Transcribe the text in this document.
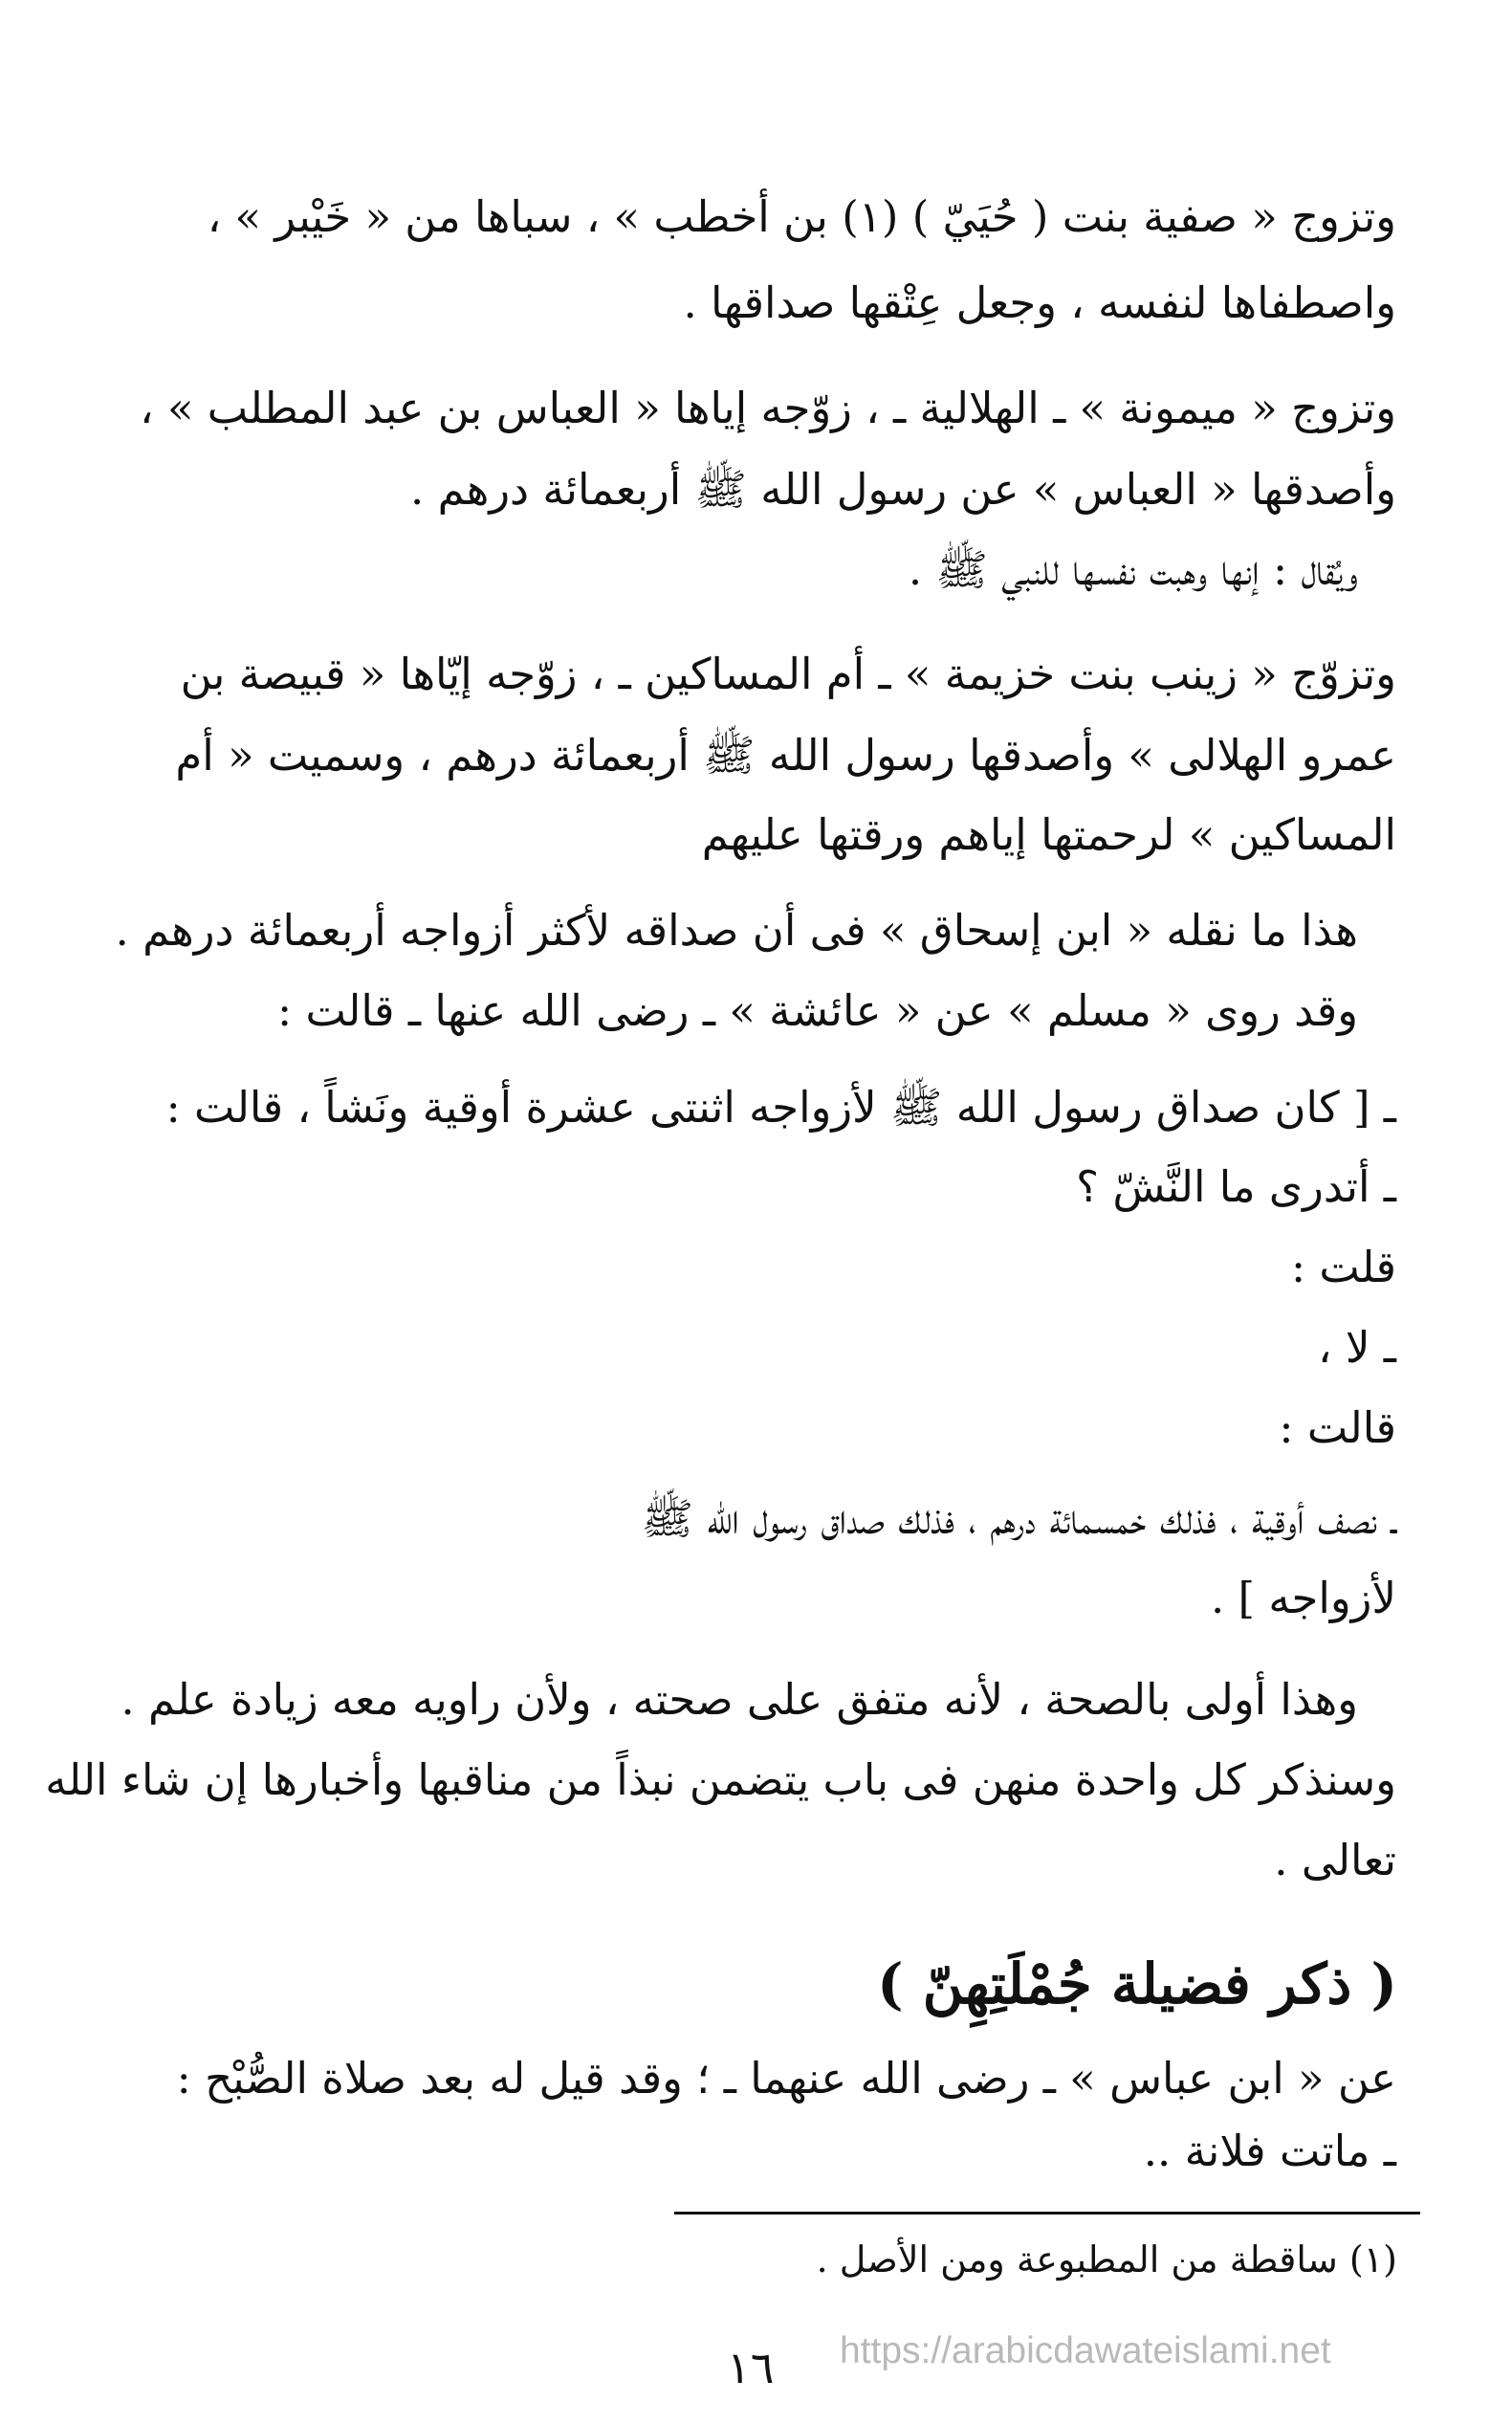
وتزوج « صفية بنت ( حُيَيّ ) (١) بن أخطب » ، سباها من « خَيْبر » ،
واصطفاها لنفسه ، وجعل عِتْقها صداقها .
وتزوج « ميمونة » ـ الهلالية ـ ، زوّجه إياها « العباس بن عبد المطلب » ،
وأصدقها « العباس » عن رسول الله ﷺ أربعمائة درهم .
ويُقال : إنها وهبت نفسها للنبي ﷺ .
وتزوّج « زينب بنت خزيمة » ـ أم المساكين ـ ، زوّجه إيّاها « قبيصة بن
عمرو الهلالى » وأصدقها رسول الله ﷺ أربعمائة درهم ، وسميت « أم
المساكين » لرحمتها إياهم ورقتها عليهم
هذا ما نقله « ابن إسحاق » فى أن صداقه لأكثر أزواجه أربعمائة درهم .
وقد روى « مسلم » عن « عائشة » ـ رضى الله عنها ـ قالت :
ـ [ كان صداق رسول الله ﷺ لأزواجه اثنتى عشرة أوقية ونَشاً ، قالت :
ـ أتدرى ما النَّشّ ؟
قلت :
ـ لا ،
قالت :
ـ نصف أوقية ، فذلك خمسمائة درهم ، فذلك صداق رسول الله ﷺ
لأزواجه ] .
وهذا أولى بالصحة ، لأنه متفق على صحته ، ولأن راويه معه زيادة علم .
وسنذكر كل واحدة منهن فى باب يتضمن نبذاً من مناقبها وأخبارها إن شاء الله
تعالى .
( ذكر فضيلة جُمْلَتِهِنّ )
عن « ابن عباس » ـ رضى الله عنهما ـ ؛ وقد قيل له بعد صلاة الصُّبْح :
ـ ماتت فلانة ..
(١) ساقطة من المطبوعة ومن الأصل .
١٦ https://arabicdawateislami.net
